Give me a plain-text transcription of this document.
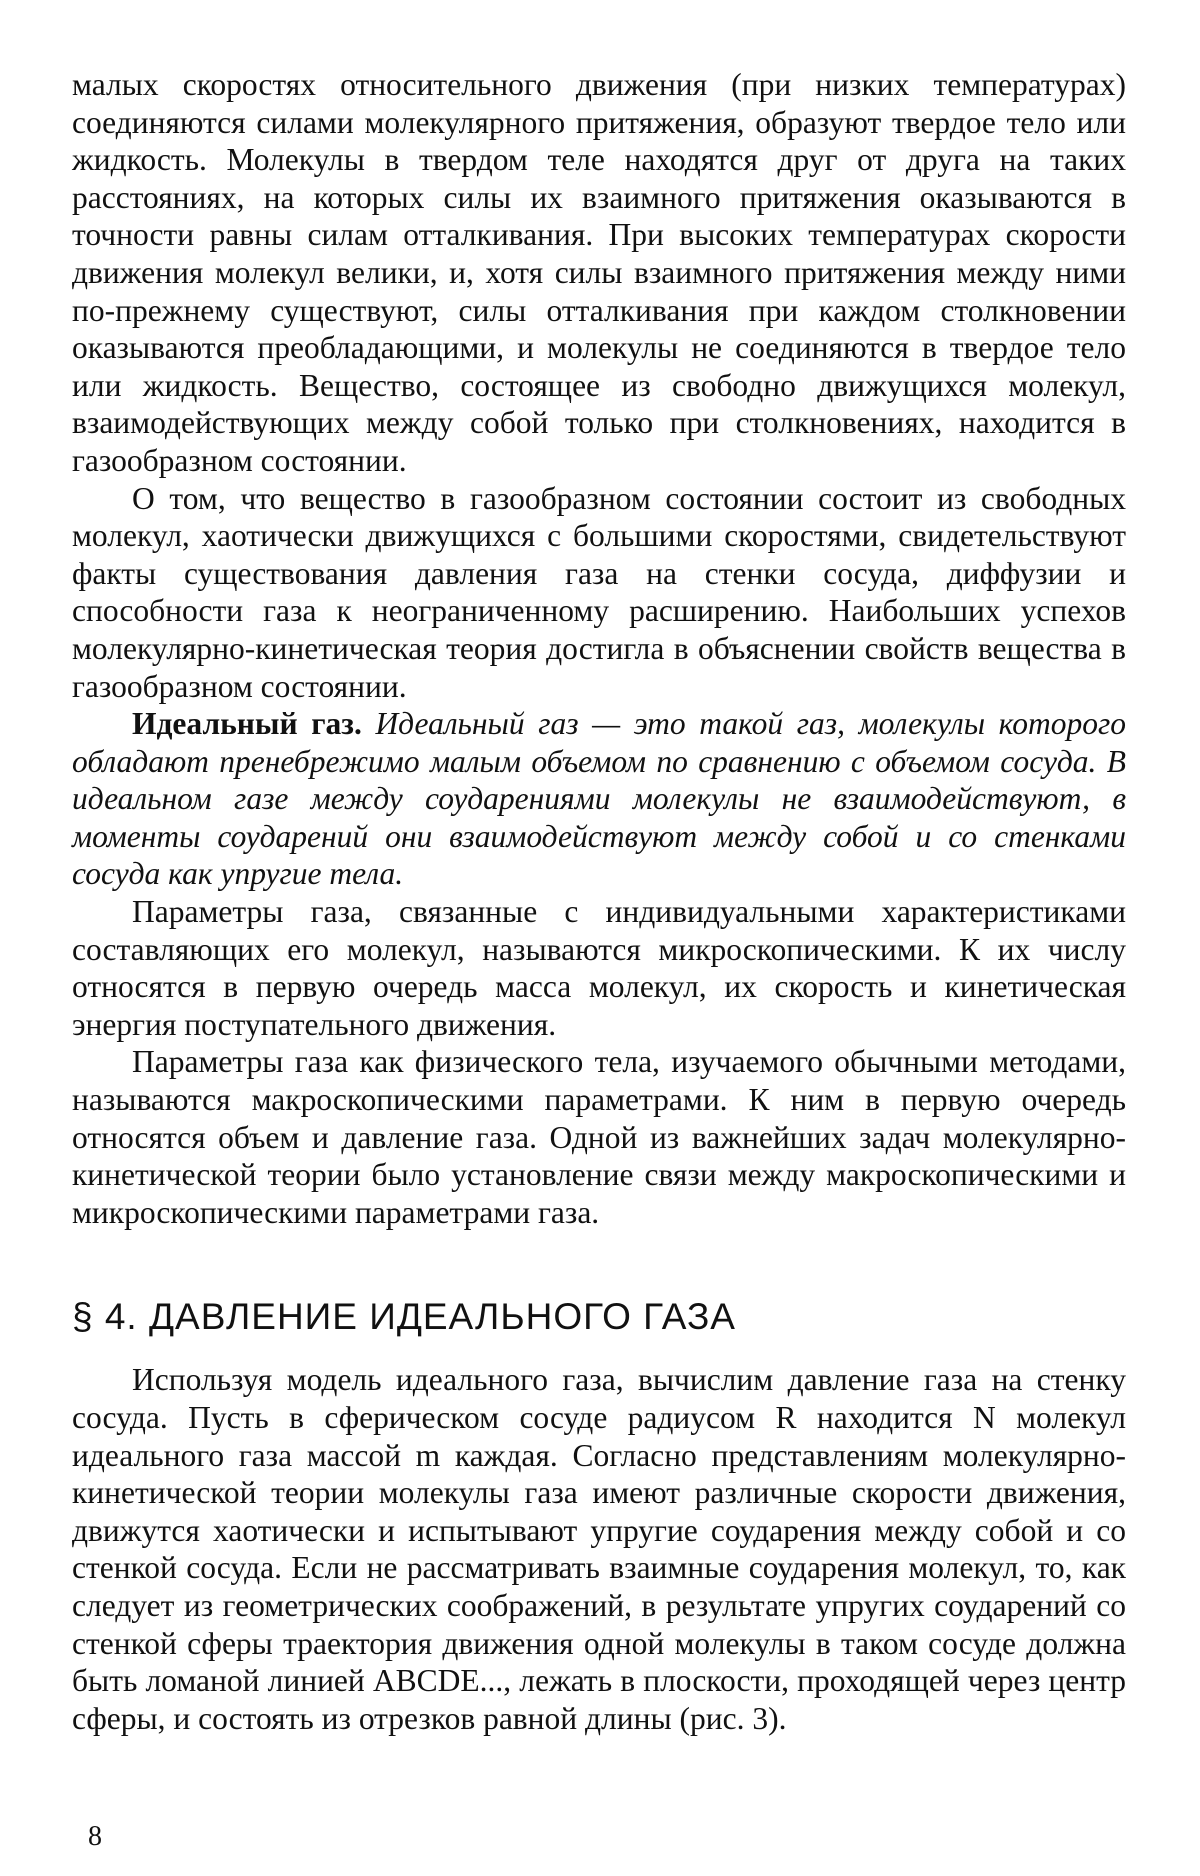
малых скоростях относительного движения (при низких температурах) соединяются силами молекулярного притяжения, образуют твердое тело или жидкость. Молекулы в твердом теле находятся друг от друга на таких расстояниях, на которых силы их взаимного притяжения оказываются в точности равны силам отталкивания. При высоких температурах скорости движения молекул велики, и, хотя силы взаимного притяжения между ними по-прежнему существуют, силы отталкивания при каждом столкновении оказываются преобладающими, и молекулы не соединяются в твердое тело или жидкость. Вещество, состоящее из свободно движущихся молекул, взаимодействующих между собой только при столкновениях, находится в газообразном состоянии.

О том, что вещество в газообразном состоянии состоит из свободных молекул, хаотически движущихся с большими скоростями, свидетельствуют факты существования давления газа на стенки сосуда, диффузии и способности газа к неограниченному расширению. Наибольших успехов молекулярно-кинетическая теория достигла в объяснении свойств вещества в газообразном состоянии.

Идеальный газ. Идеальный газ — это такой газ, молекулы которого обладают пренебрежимо малым объемом по сравнению с объемом сосуда. В идеальном газе между соударениями молекулы не взаимодействуют, в моменты соударений они взаимодействуют между собой и со стенками сосуда как упругие тела.

Параметры газа, связанные с индивидуальными характеристиками составляющих его молекул, называются микроскопическими. К их числу относятся в первую очередь масса молекул, их скорость и кинетическая энергия поступательного движения.

Параметры газа как физического тела, изучаемого обычными методами, называются макроскопическими параметрами. К ним в первую очередь относятся объем и давление газа. Одной из важнейших задач молекулярно-кинетической теории было установление связи между макроскопическими и микроскопическими параметрами газа.

§ 4. ДАВЛЕНИЕ ИДЕАЛЬНОГО ГАЗА

Используя модель идеального газа, вычислим давление газа на стенку сосуда. Пусть в сферическом сосуде радиусом R находится N молекул идеального газа массой m каждая. Согласно представлениям молекулярно-кинетической теории молекулы газа имеют различные скорости движения, движутся хаотически и испытывают упругие соударения между собой и со стенкой сосуда. Если не рассматривать взаимные соударения молекул, то, как следует из геометрических соображений, в результате упругих соударений со стенкой сферы траектория движения одной молекулы в таком сосуде должна быть ломаной линией ABCDE..., лежать в плоскости, проходящей через центр сферы, и состоять из отрезков равной длины (рис. 3).

8
